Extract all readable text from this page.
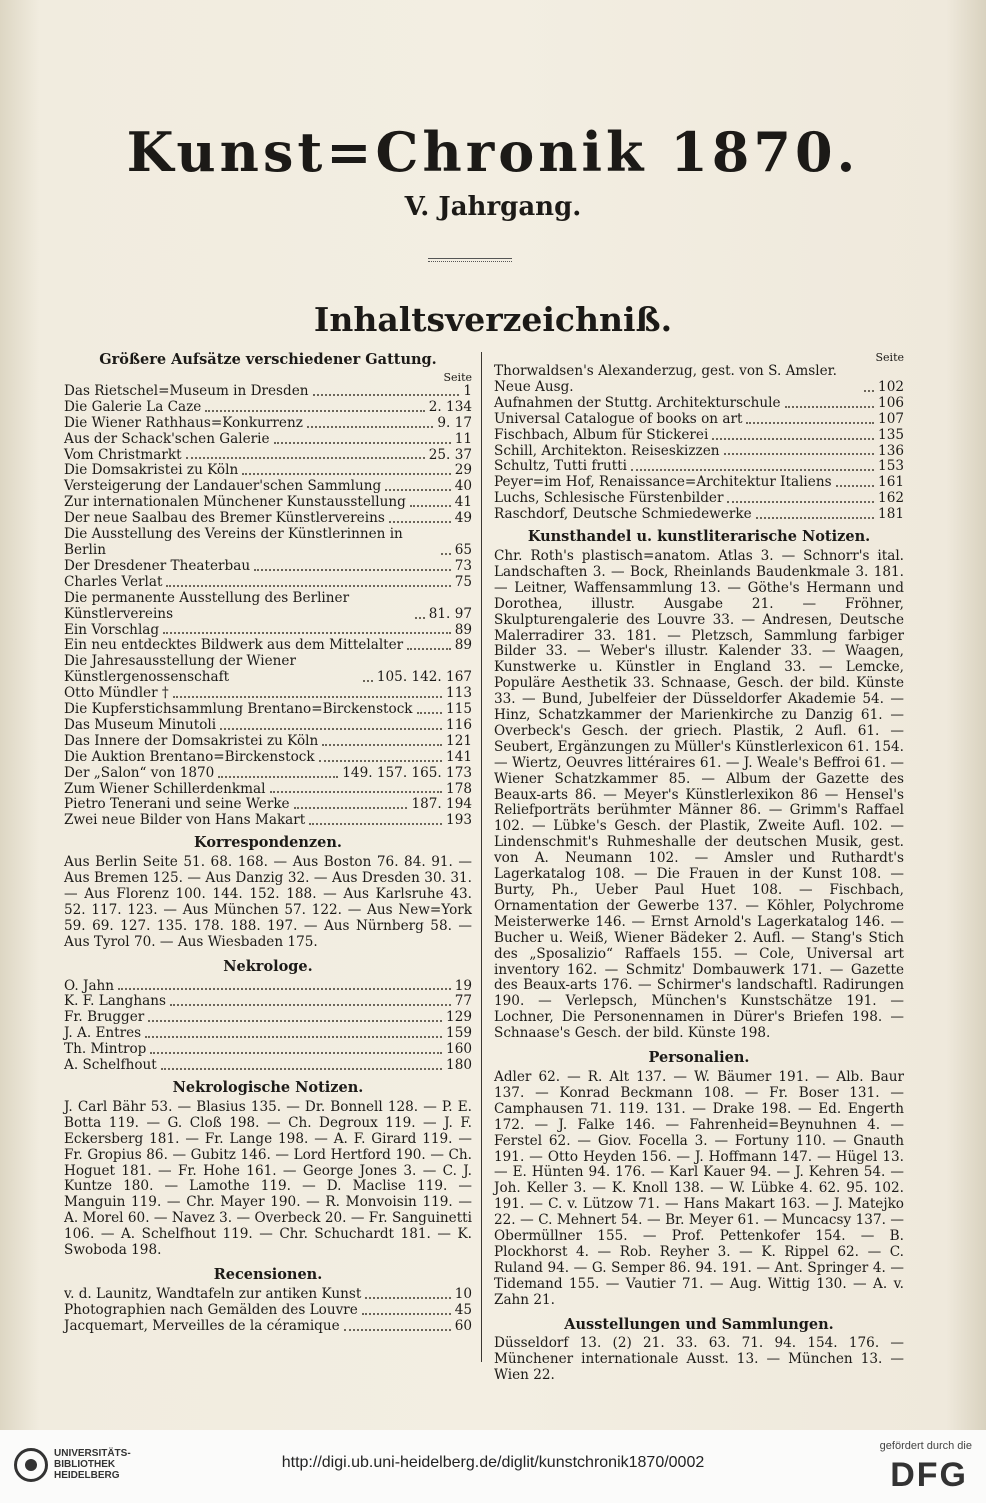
Kunst=Chronik 1870.
V. Jahrgang.
Inhaltsverzeichniß.
Größere Aufsätze verschiedener Gattung.
Seite
Das Rietschel=Museum in Dresden	1
Die Galerie La Caze	2. 134
Die Wiener Rathhaus=Konkurrenz	9. 17
Aus der Schack'schen Galerie	11
Vom Christmarkt	25. 37
Die Domsakristei zu Köln	29
Versteigerung der Landauer'schen Sammlung	40
Zur internationalen Münchener Kunstausstellung	41
Der neue Saalbau des Bremer Künstlervereins	49
Die Ausstellung des Vereins der Künstlerinnen in Berlin	65
Der Dresdener Theaterbau	73
Charles Verlat	75
Die permanente Ausstellung des Berliner Künstlervereins	81. 97
Ein Vorschlag	89
Ein neu entdecktes Bildwerk aus dem Mittelalter	89
Die Jahresausstellung der Wiener Künstlergenossenschaft	105. 142. 167
Otto Mündler †	113
Die Kupferstichsammlung Brentano=Birckenstock 115
Das Museum Minutoli	116
Das Innere der Domsakristei zu Köln	121
Die Auktion Brentano=Birckenstock	141
Der „Salon“ von 1870	149. 157. 165. 173
Zum Wiener Schillerdenkmal	178
Pietro Tenerani und seine Werke	187. 194
Zwei neue Bilder von Hans Makart	193
Korrespondenzen.

Aus Berlin Seite 51. 68. 168. — Aus Boston 76. 84. 91. — Aus Bremen 125. — Aus Danzig 32. — Aus Dresden 30. 31. — Aus Florenz 100. 144. 152. 188. — Aus Karlsruhe 43. 52. 117. 123. — Aus München 57. 122. — Aus New=York 59. 69. 127. 135. 178. 188. 197. — Aus Nürnberg 58. — Aus Tyrol 70. — Aus Wiesbaden 175.

Nekrologe.
O. Jahn	19
K. F. Langhans	77
Fr. Brugger	129
J. A. Entres	159
Th. Mintrop	160
A. Schelfhout	180
Nekrologische Notizen.

J. Carl Bähr 53. — Blasius 135. — Dr. Bonnell 128. — P. E. Botta 119. — G. Cloß 198. — Ch. Degroux 119. — J. F. Eckersberg 181. — Fr. Lange 198. — A. F. Girard 119. — Fr. Gropius 86. — Gubitz 146. — Lord Hertford 190. — Ch. Hoguet 181. — Fr. Hohe 161. — George Jones 3. — C. J. Kuntze 180. — Lamothe 119. — D. Maclise 119. — Manguin 119. — Chr. Mayer 190. — R. Monvoisin 119. — A. Morel 60. — Navez 3. — Overbeck 20. — Fr. Sanguinetti 106. — A. Schelfhout 119. — Chr. Schuchardt 181. — K. Swoboda 198.

Recensionen.
v. d. Launitz, Wandtafeln zur antiken Kunst	10
Photographien nach Gemälden des Louvre	45
Jacquemart, Merveilles de la céramique	60
Seite
Thorwaldsen's Alexanderzug, gest. von S. Amsler. Neue Ausg.	102
Aufnahmen der Stuttg. Architekturschule	106
Universal Catalogue of books on art	107
Fischbach, Album für Stickerei	135
Schill, Architekton. Reiseskizzen	136
Schultz, Tutti frutti	153
Peyer=im Hof, Renaissance=Architektur Italiens	161
Luchs, Schlesische Fürstenbilder	162
Raschdorf, Deutsche Schmiedewerke	181
Kunsthandel u. kunstliterarische Notizen.

Chr. Roth's plastisch=anatom. Atlas 3. — Schnorr's ital. Landschaften 3. — Bock, Rheinlands Baudenkmale 3. 181. — Leitner, Waffensammlung 13. — Göthe's Hermann und Dorothea, illustr. Ausgabe 21. — Fröhner, Skulpturengalerie des Louvre 33. — Andresen, Deutsche Malerradirer 33. 181. — Pletzsch, Sammlung farbiger Bilder 33. — Weber's illustr. Kalender 33. — Waagen, Kunstwerke u. Künstler in England 33. — Lemcke, Populäre Aesthetik 33. Schnaase, Gesch. der bild. Künste 33. — Bund, Jubelfeier der Düsseldorfer Akademie 54. — Hinz, Schatzkammer der Marienkirche zu Danzig 61. — Overbeck's Gesch. der griech. Plastik, 2 Aufl. 61. — Seubert, Ergänzungen zu Müller's Künstlerlexicon 61. 154. — Wiertz, Oeuvres littéraires 61. — J. Weale's Beffroi 61. — Wiener Schatzkammer 85. — Album der Gazette des Beaux-arts 86. — Meyer's Künstlerlexikon 86 — Hensel's Reliefporträts berühmter Männer 86. — Grimm's Raffael 102. — Lübke's Gesch. der Plastik, Zweite Aufl. 102. — Lindenschmit's Ruhmeshalle der deutschen Musik, gest. von A. Neumann 102. — Amsler und Ruthardt's Lagerkatalog 108. — Die Frauen in der Kunst 108. — Burty, Ph., Ueber Paul Huet 108. — Fischbach, Ornamentation der Gewerbe 137. — Köhler, Polychrome Meisterwerke 146. — Ernst Arnold's Lagerkatalog 146. — Bucher u. Weiß, Wiener Bädeker 2. Aufl. — Stang's Stich des „Sposalizio“ Raffaels 155. — Cole, Universal art inventory 162. — Schmitz' Dombauwerk 171. — Gazette des Beaux-arts 176. — Schirmer's landschaftl. Radirungen 190. — Verlepsch, München's Kunstschätze 191. — Lochner, Die Personennamen in Dürer's Briefen 198. — Schnaase's Gesch. der bild. Künste 198.

Personalien.

Adler 62. — R. Alt 137. — W. Bäumer 191. — Alb. Baur 137. — Konrad Beckmann 108. — Fr. Boser 131. — Camphausen 71. 119. 131. — Drake 198. — Ed. Engerth 172. — J. Falke 146. — Fahrenheid=Beynuhnen 4. — Ferstel 62. — Giov. Focella 3. — Fortuny 110. — Gnauth 191. — Otto Heyden 156. — J. Hoffmann 147. — Hügel 13. — E. Hünten 94. 176. — Karl Kauer 94. — J. Kehren 54. — Joh. Keller 3. — K. Knoll 138. — W. Lübke 4. 62. 95. 102. 191. — C. v. Lützow 71. — Hans Makart 163. — J. Matejko 22. — C. Mehnert 54. — Br. Meyer 61. — Muncacsy 137. — Obermüllner 155. — Prof. Pettenkofer 154. — B. Plockhorst 4. — Rob. Reyher 3. — K. Rippel 62. — C. Ruland 94. — G. Semper 86. 94. 191. — Ant. Springer 4. — Tidemand 155. — Vautier 71. — Aug. Wittig 130. — A. v. Zahn 21.

Ausstellungen und Sammlungen.

Düsseldorf 13. (2) 21. 33. 63. 71. 94. 154. 176. — Münchener internationale Ausst. 13. — München 13. — Wien 22.

UNIVERSITÄTS-
BIBLIOTHEK
HEIDELBERG
http://digi.ub.uni-heidelberg.de/diglit/kunstchronik1870/0002
gefördert durch die
DFG
